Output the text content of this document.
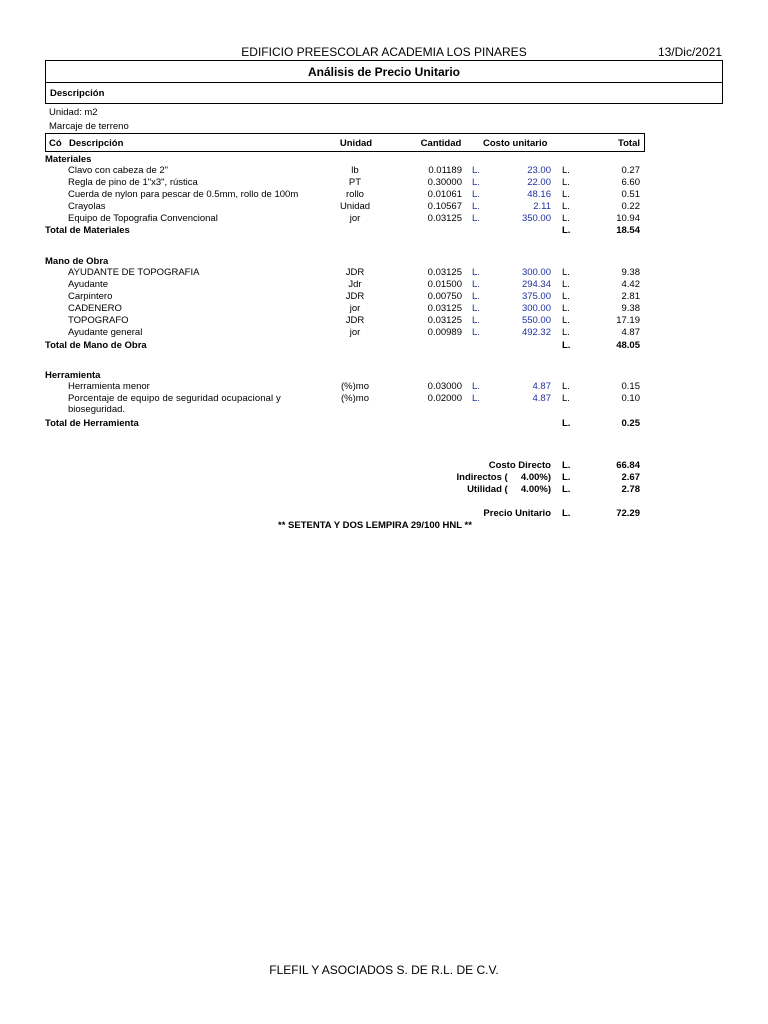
EDIFICIO PREESCOLAR ACADEMIA LOS PINARES	13/Dic/2021
Análisis de Precio Unitario
Descripción
Unidad: m2
Marcaje de terreno
Có Descripción	Unidad	Cantidad	Costo unitario	Total
Materiales
Clavo con cabeza de 2"	lb	0.01189 L.	23.00 L.	0.27
Regla de pino de 1"x3", rústica	PT	0.30000 L.	22.00 L.	6.60
Cuerda de nylon para pescar de 0.5mm, rollo de 100m	rollo	0.01061 L.	48.16 L.	0.51
Crayolas	Unidad	0.10567 L.	2.11 L.	0.22
Equipo de Topografia Convencional	jor	0.03125 L.	350.00 L.	10.94
Total de Materiales	L.	18.54
Mano de Obra
AYUDANTE DE TOPOGRAFIA	JDR	0.03125 L.	300.00 L.	9.38
Ayudante	Jdr	0.01500 L.	294.34 L.	4.42
Carpintero	JDR	0.00750 L.	375.00 L.	2.81
CADENERO	jor	0.03125 L.	300.00 L.	9.38
TOPOGRAFO	JDR	0.03125 L.	550.00 L.	17.19
Ayudante general	jor	0.00989 L.	492.32 L.	4.87
Total de Mano de Obra	L.	48.05
Herramienta
Herramienta menor	(%)mo	0.03000 L.	4.87 L.	0.15
Porcentaje de equipo de seguridad ocupacional y	(%)mo	0.02000 L.	4.87 L.	0.10
bioseguridad.
Total de Herramienta	L.	0.25
Costo Directo L.	66.84
Indirectos (     4.00%) L.	2.67
Utilidad (     4.00%) L.	2.78
Precio Unitario L.	72.29
** SETENTA Y DOS LEMPIRA 29/100 HNL **
FLEFIL Y ASOCIADOS S. DE R.L. DE C.V.
